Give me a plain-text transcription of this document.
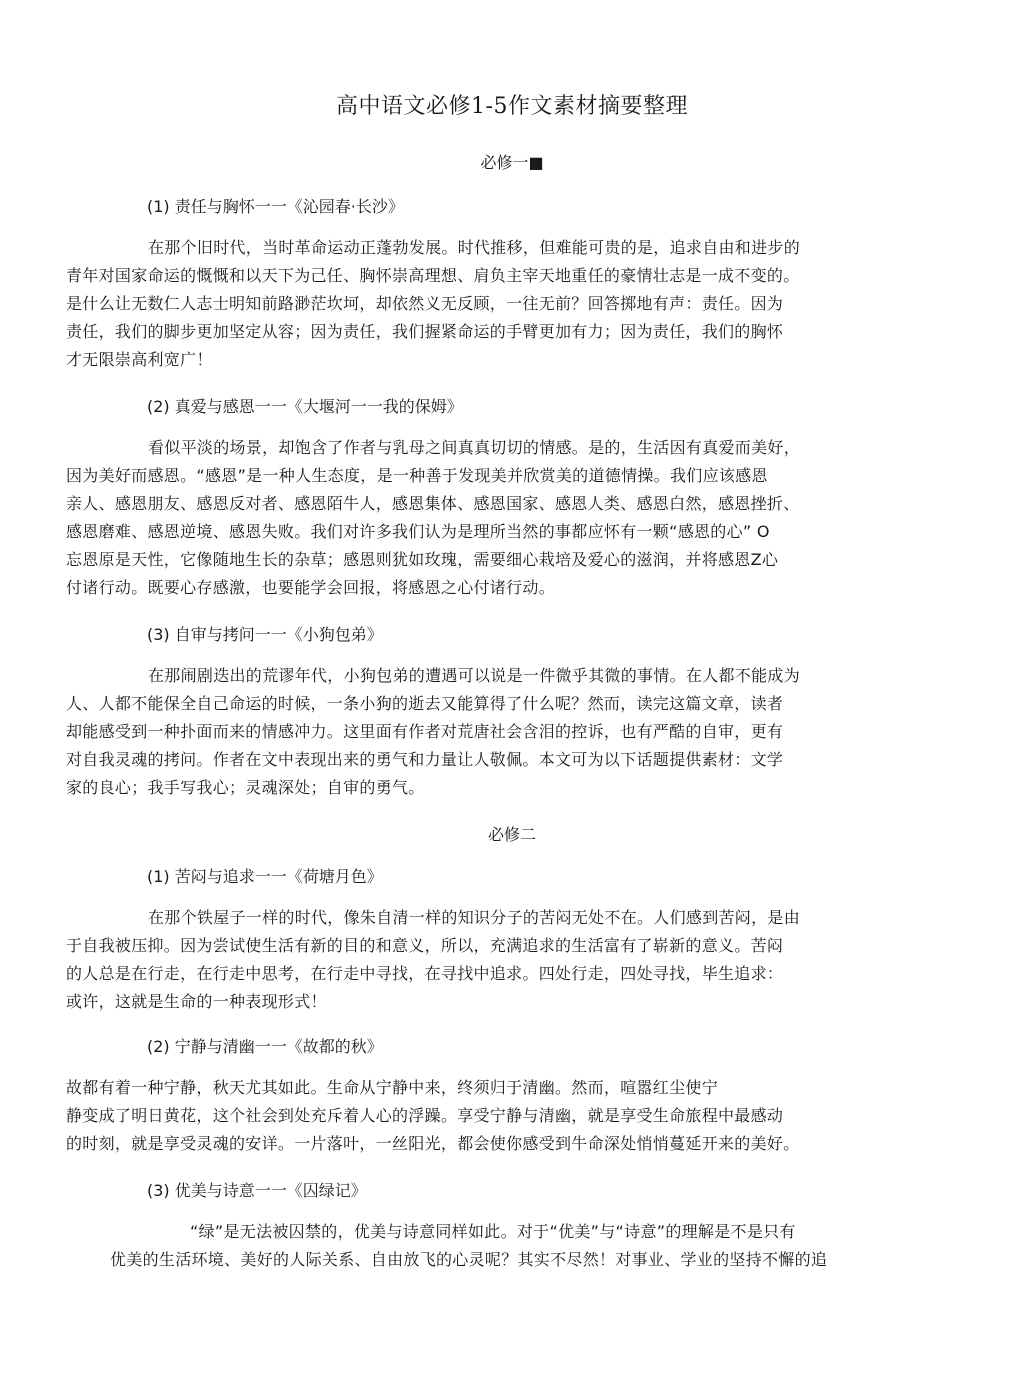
高中语文必修1-5作文素材摘要整理
必修一■
(1) 责任与胸怀一一《沁园春·长沙》
在那个旧时代，当时革命运动正蓬勃发展。时代推移，但难能可贵的是，追求自由和进步的
青年对国家命运的慨慨和以天下为己任、胸怀崇高理想、肩负主宰天地重任的豪情壮志是一成不变的。
是什么让无数仁人志士明知前路渺茫坎坷，却依然义无反顾，一往无前？回答掷地有声：责任。因为
责任，我们的脚步更加坚定从容；因为责任，我们握紧命运的手臂更加有力；因为责任，我们的胸怀
才无限崇高利宽广！
(2) 真爱与感恩一一《大堰河一一我的保姆》
看似平淡的场景，却饱含了作者与乳母之间真真切切的情感。是的，生活因有真爱而美好，
因为美好而感恩。“感恩”是一种人生态度，是一种善于发现美并欣赏美的道德情操。我们应该感恩
亲人、感恩朋友、感恩反对者、感恩陌牛人，感恩集体、感恩国家、感恩人类、感恩白然，感恩挫折、
感恩磨难、感恩逆境、感恩失败。我们对许多我们认为是理所当然的事都应怀有一颗“感恩的心” O
忘恩原是天性，它像随地生长的杂草；感恩则犹如玫瑰，需要细心栽培及爱心的滋润，并将感恩Z心
付诸行动。既要心存感激，也要能学会回报，将感恩之心付诸行动。
(3) 自审与拷问一一《小狗包弟》
在那闹剧迭出的荒谬年代，小狗包弟的遭遇可以说是一件微乎其微的事情。在人都不能成为
人、人都不能保全自己命运的时候，一条小狗的逝去又能算得了什么呢？然而，读完这篇文章，读者
却能感受到一种扑面而来的情感冲力。这里面有作者对荒唐社会含泪的控诉，也有严酷的自审，更有
对自我灵魂的拷问。作者在文中表现出来的勇气和力量让人敬佩。本文可为以下话题提供素材：文学
家的良心；我手写我心；灵魂深处；自审的勇气。
必修二
(1) 苦闷与追求一一《荷塘月色》
在那个铁屋子一样的时代，像朱自清一样的知识分子的苦闷无处不在。人们感到苦闷，是由
于自我被压抑。因为尝试使生活有新的目的和意义，所以，充满追求的生活富有了崭新的意义。苦闷
的人总是在行走，在行走中思考，在行走中寻找，在寻找中追求。四处行走，四处寻找，毕生追求：
或许，这就是生命的一种表现形式！
(2) 宁静与清幽一一《故都的秋》
故都有着一种宁静，秋天尤其如此。生命从宁静中来，终须归于清幽。然而，喧嚣红尘使宁
静变成了明日黄花，这个社会到处充斥着人心的浮躁。享受宁静与清幽，就是享受生命旅程中最感动
的时刻，就是享受灵魂的安详。一片落叶，一丝阳光，都会使你感受到牛命深处悄悄蔓延开来的美好。
(3) 优美与诗意一一《囚绿记》
“绿”是无法被囚禁的，优美与诗意同样如此。对于“优美”与“诗意”的理解是不是只有
优美的生活环境、美好的人际关系、自由放飞的心灵呢？其实不尽然！对事业、学业的坚持不懈的追
